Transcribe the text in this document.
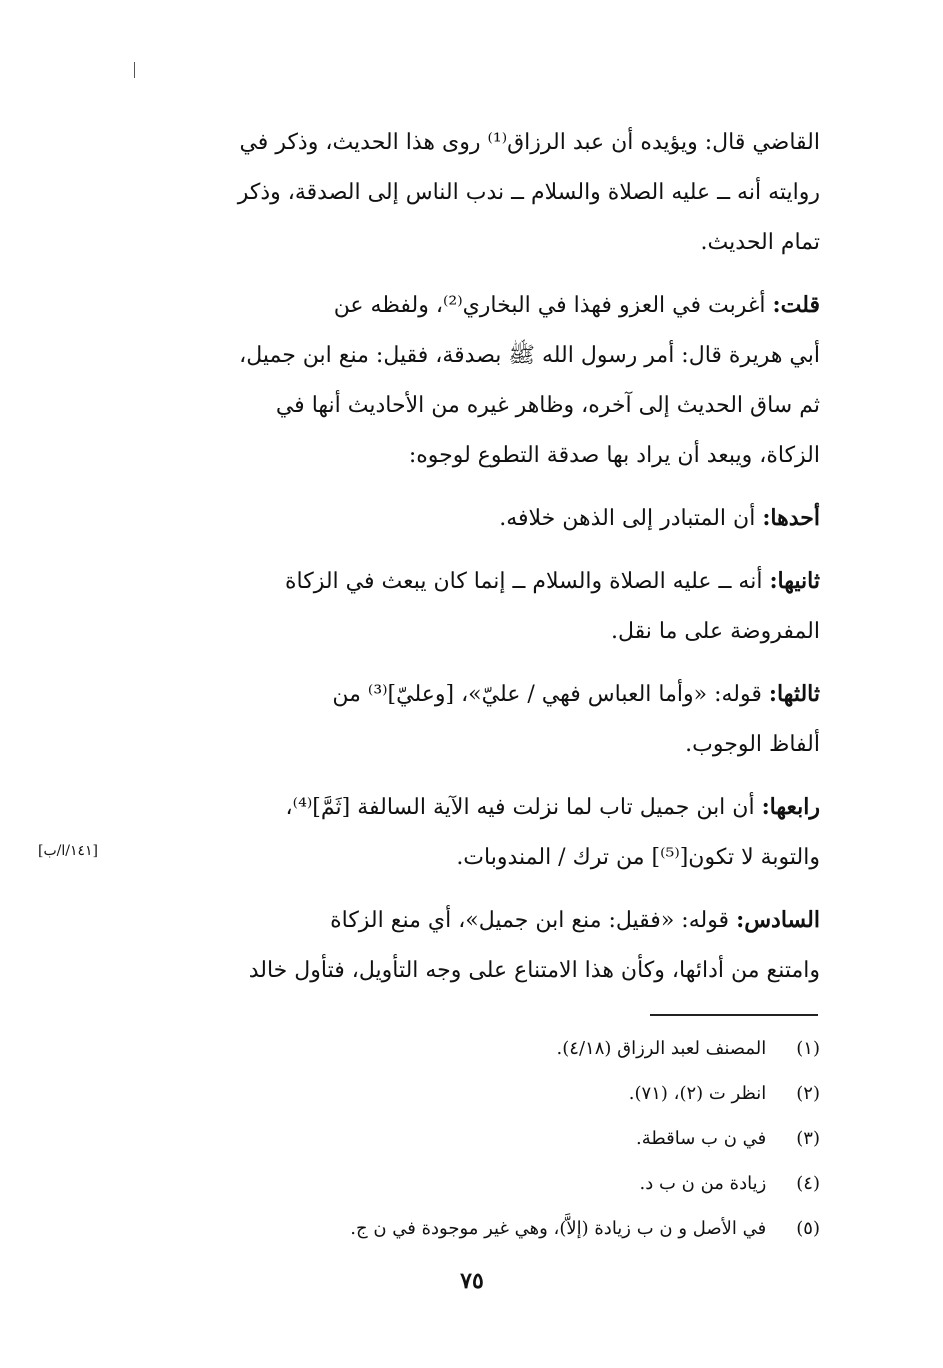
القاضي قال: ويؤيده أن عبد الرزاق⁽¹⁾ روى هذا الحديث، وذكر في
روايته أنه ــ عليه الصلاة والسلام ــ ندب الناس إلى الصدقة، وذكر
تمام الحديث.
قلت: أغربت في العزو فهذا في البخاري⁽²⁾، ولفظه عن
أبي هريرة قال: أمر رسول الله ﷺ بصدقة، فقيل: منع ابن جميل،
ثم ساق الحديث إلى آخره، وظاهر غيره من الأحاديث أنها في
الزكاة، ويبعد أن يراد بها صدقة التطوع لوجوه:
أحدها: أن المتبادر إلى الذهن خلافه.
ثانيها: أنه ــ عليه الصلاة والسلام ــ إنما كان يبعث في الزكاة
المفروضة على ما نقل.
ثالثها: قوله: «وأما العباس فهي / عليّ»، [وعليّ]⁽³⁾ من
ألفاظ الوجوب.
رابعها: أن ابن جميل تاب لما نزلت فيه الآية السالفة [ثَمَّ]⁽⁴⁾،
والتوبة لا تكون[⁽⁵⁾] من ترك / المندوبات.
السادس: قوله: «فقيل: منع ابن جميل»، أي منع الزكاة
وامتنع من أدائها، وكأن هذا الامتناع على وجه التأويل، فتأول خالد
[١٤١/ا/ب]
(١) المصنف لعبد الرزاق (٤/١٨).
(٢) انظر ت (٢)، (٧١).
(٣) في ن ب ساقطة.
(٤) زيادة من ن ب د.
(٥) في الأصل و ن ب زيادة (إلاَّ)، وهي غير موجودة في ن ج.
٧٥
